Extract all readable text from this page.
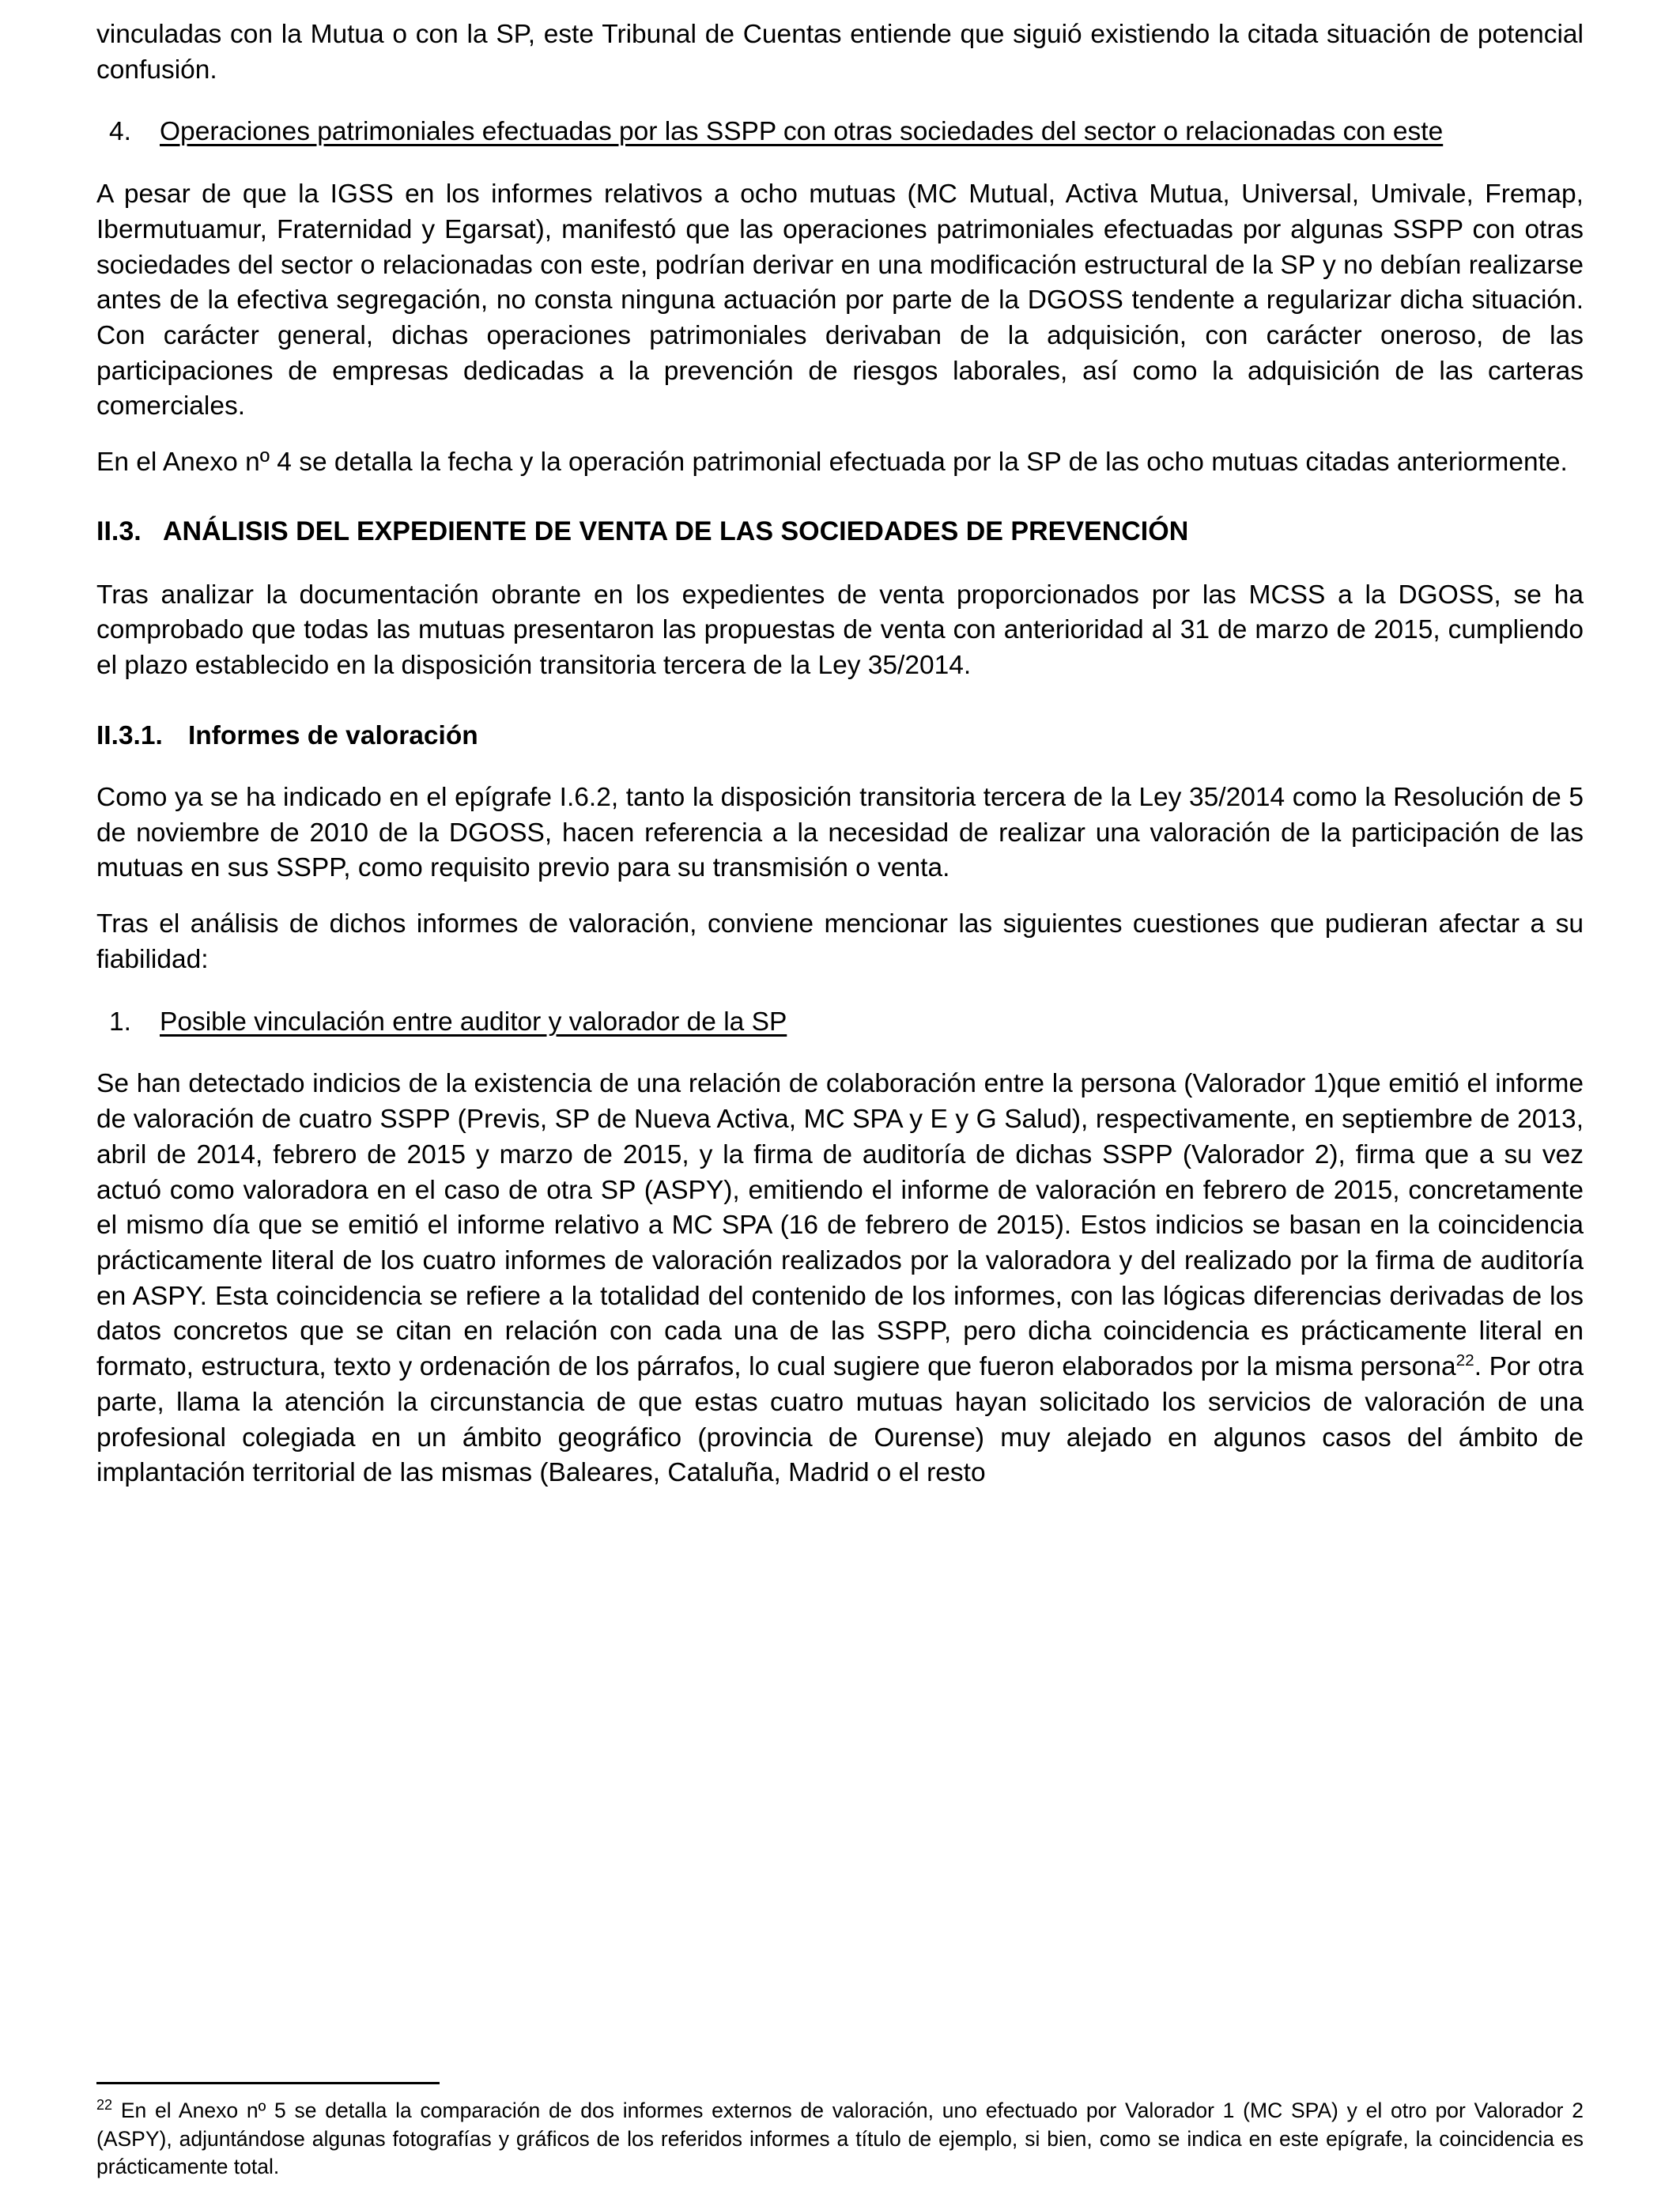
vinculadas con la Mutua o con la SP, este Tribunal de Cuentas entiende que siguió existiendo la citada situación de potencial confusión.

4.	Operaciones patrimoniales efectuadas por las SSPP con otras sociedades del sector o relacionadas con este

A pesar de que la IGSS en los informes relativos a ocho mutuas (MC Mutual, Activa Mutua, Universal, Umivale, Fremap, Ibermutuamur, Fraternidad y Egarsat), manifestó que las operaciones patrimoniales efectuadas por algunas SSPP con otras sociedades del sector o relacionadas con este, podrían derivar en una modificación estructural de la SP y no debían realizarse antes de la efectiva segregación, no consta ninguna actuación por parte de la DGOSS tendente a regularizar dicha situación. Con carácter general, dichas operaciones patrimoniales derivaban de la adquisición, con carácter oneroso, de las participaciones de empresas dedicadas a la prevención de riesgos laborales, así como la adquisición de las carteras comerciales.

En el Anexo nº 4 se detalla la fecha y la operación patrimonial efectuada por la SP de las ocho mutuas citadas anteriormente.

II.3. ANÁLISIS DEL EXPEDIENTE DE VENTA DE LAS SOCIEDADES DE PREVENCIÓN

Tras analizar la documentación obrante en los expedientes de venta proporcionados por las MCSS a la DGOSS, se ha comprobado que todas las mutuas presentaron las propuestas de venta con anterioridad al 31 de marzo de 2015, cumpliendo el plazo establecido en la disposición transitoria tercera de la Ley 35/2014.

II.3.1. Informes de valoración

Como ya se ha indicado en el epígrafe I.6.2, tanto la disposición transitoria tercera de la Ley 35/2014 como la Resolución de 5 de noviembre de 2010 de la DGOSS, hacen referencia a la necesidad de realizar una valoración de la participación de las mutuas en sus SSPP, como requisito previo para su transmisión o venta.

Tras el análisis de dichos informes de valoración, conviene mencionar las siguientes cuestiones que pudieran afectar a su fiabilidad:

1.	Posible vinculación entre auditor y valorador de la SP

Se han detectado indicios de la existencia de una relación de colaboración entre la persona (Valorador 1)que emitió el informe de valoración de cuatro SSPP (Previs, SP de Nueva Activa, MC SPA y E y G Salud), respectivamente, en septiembre de 2013, abril de 2014, febrero de 2015 y marzo de 2015, y la firma de auditoría de dichas SSPP (Valorador 2), firma que a su vez actuó como valoradora en el caso de otra SP (ASPY), emitiendo el informe de valoración en febrero de 2015, concretamente el mismo día que se emitió el informe relativo a MC SPA (16 de febrero de 2015). Estos indicios se basan en la coincidencia prácticamente literal de los cuatro informes de valoración realizados por la valoradora y del realizado por la firma de auditoría en ASPY. Esta coincidencia se refiere a la totalidad del contenido de los informes, con las lógicas diferencias derivadas de los datos concretos que se citan en relación con cada una de las SSPP, pero dicha coincidencia es prácticamente literal en formato, estructura, texto y ordenación de los párrafos, lo cual sugiere que fueron elaborados por la misma persona$^{22}$. Por otra parte, llama la atención la circunstancia de que estas cuatro mutuas hayan solicitado los servicios de valoración de una profesional colegiada en un ámbito geográfico (provincia de Ourense) muy alejado en algunos casos del ámbito de implantación territorial de las mismas (Baleares, Cataluña, Madrid o el resto

$^{22}$ En el Anexo nº 5 se detalla la comparación de dos informes externos de valoración, uno efectuado por Valorador 1 (MC SPA) y el otro por Valorador 2 (ASPY), adjuntándose algunas fotografías y gráficos de los referidos informes a título de ejemplo, si bien, como se indica en este epígrafe, la coincidencia es prácticamente total.
